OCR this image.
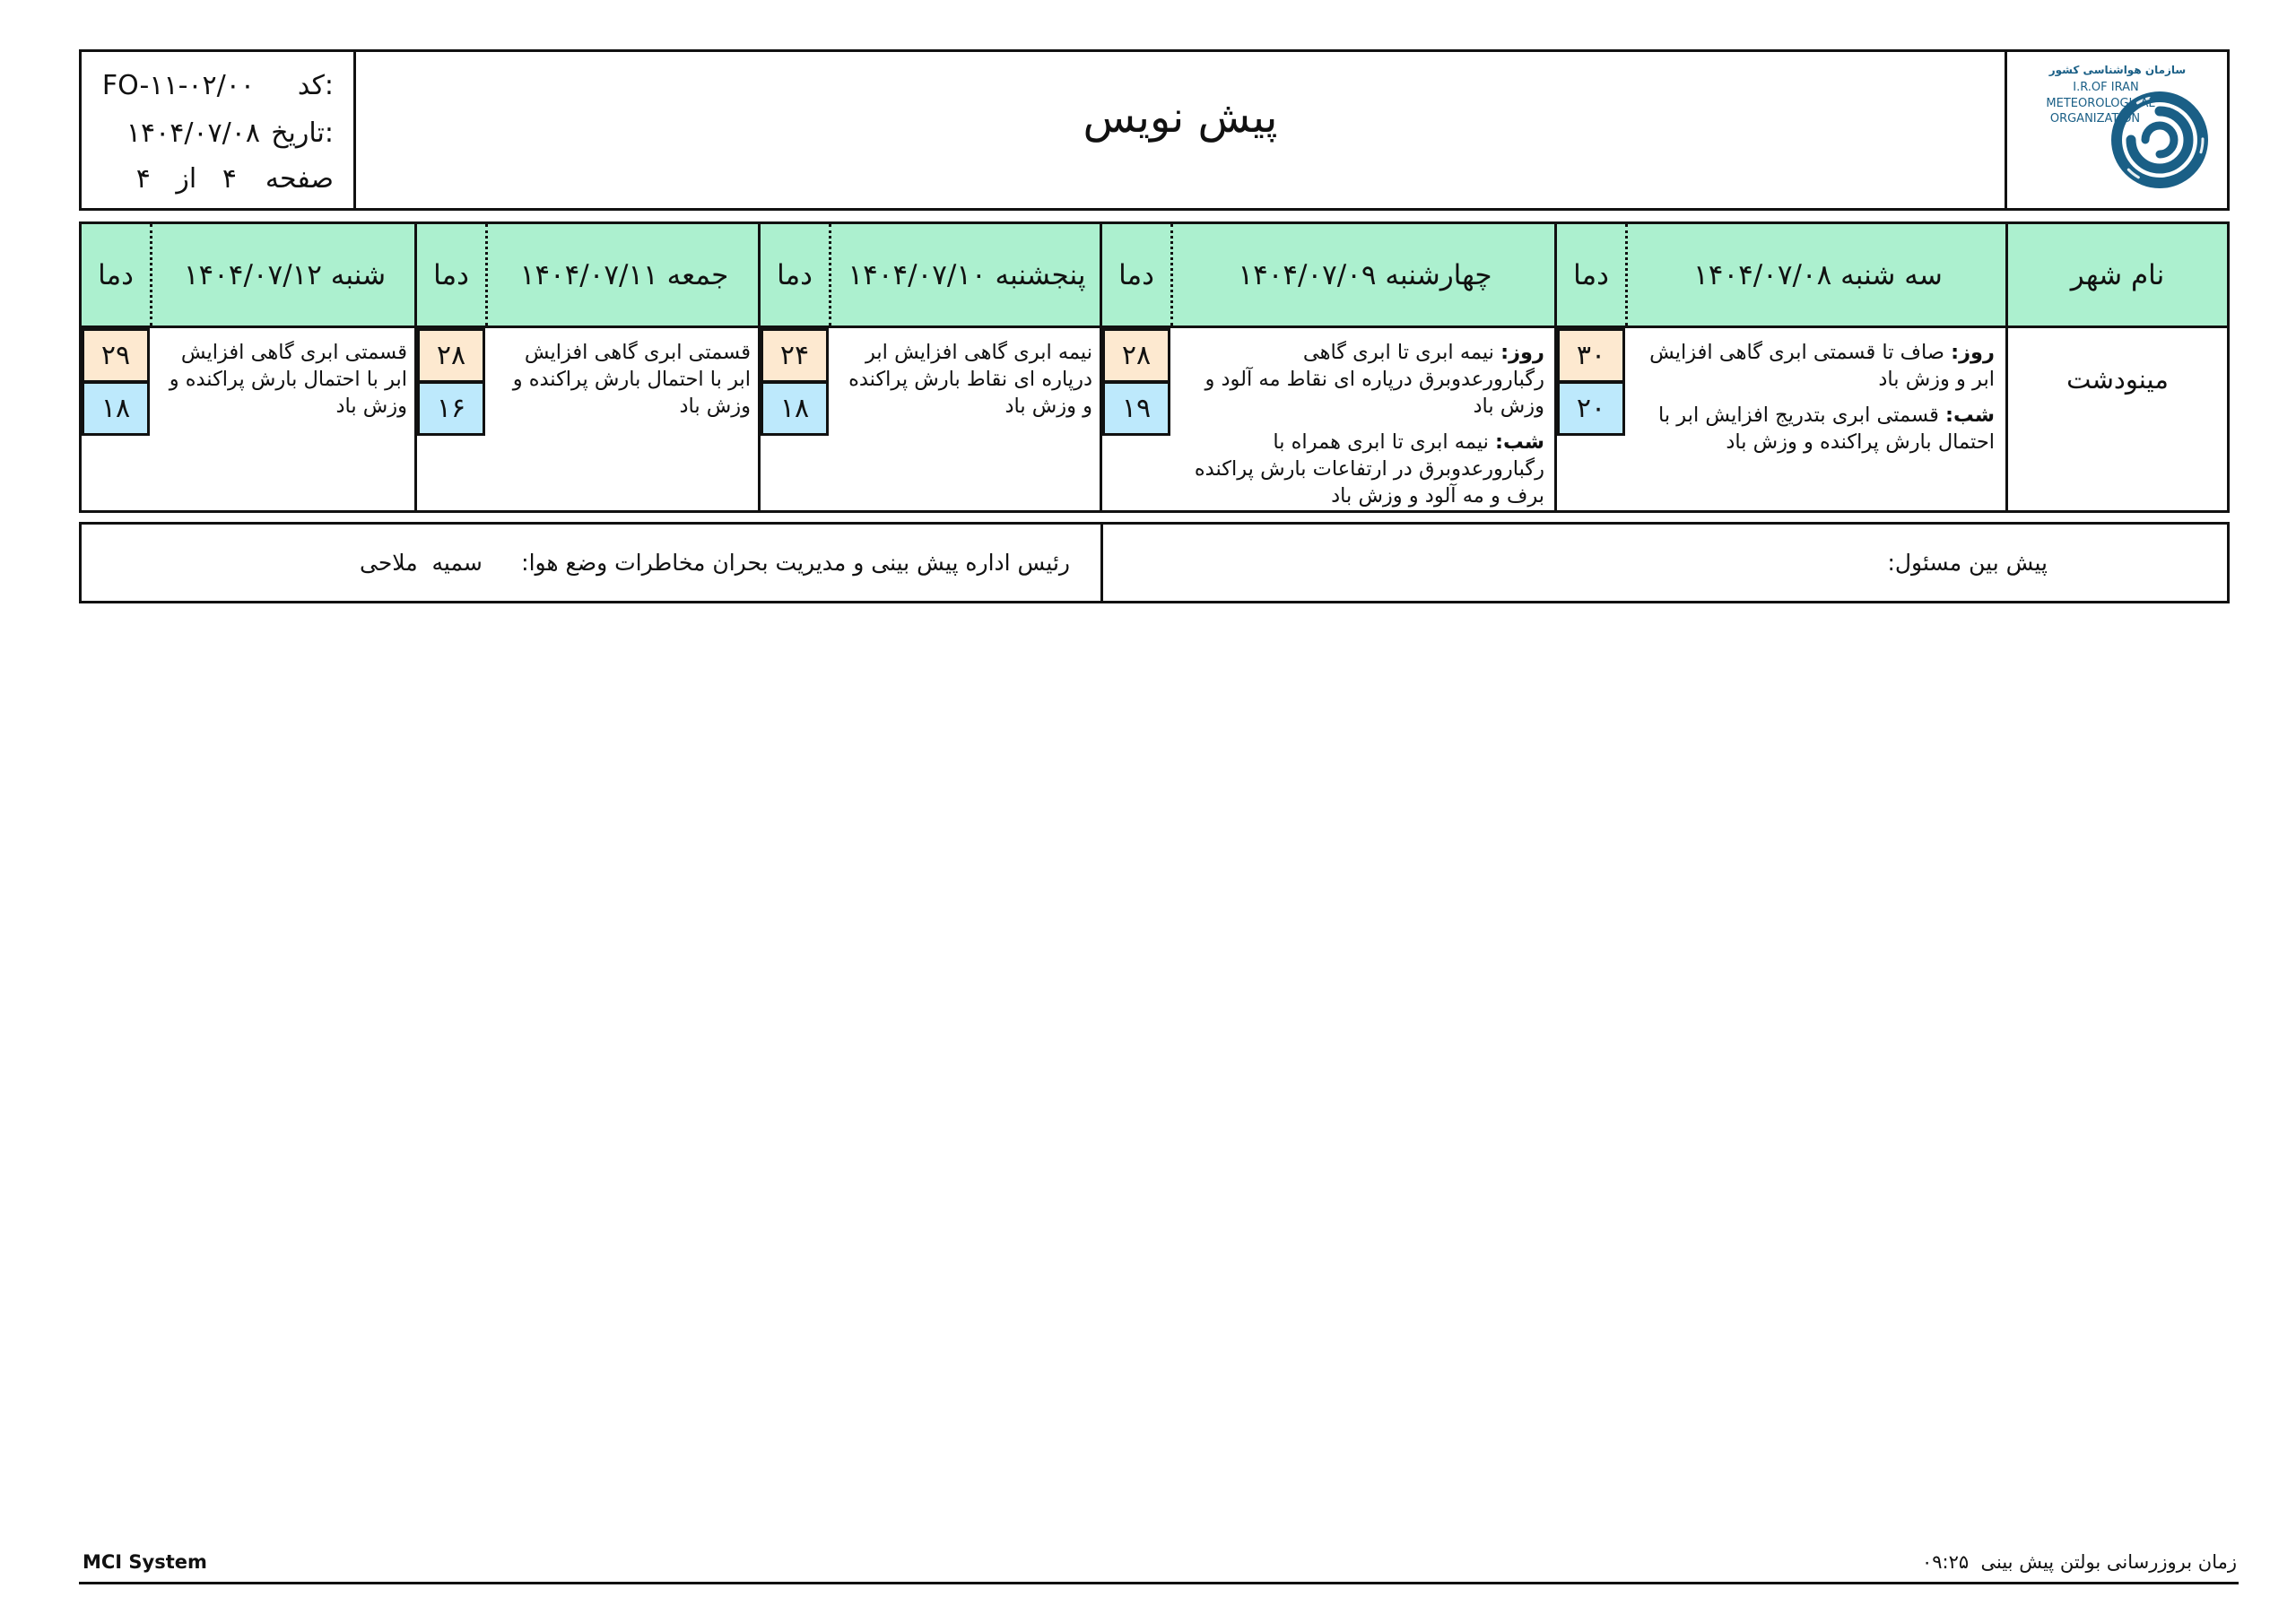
سازمان هواشناسی کشور
I.R.OF IRAN
METEOROLOGICAL
ORGANIZATION
پیش نویس
کد:
FO-۱۱-۰۲/۰۰
تاریخ:
۱۴۰۴/۰۷/۰۸
صفحه
۴   از   ۴
نام شهر
سه شنبه ۱۴۰۴/۰۷/۰۸
دما
چهارشنبه ۱۴۰۴/۰۷/۰۹
دما
پنجشنبه ۱۴۰۴/۰۷/۱۰
دما
جمعه ۱۴۰۴/۰۷/۱۱
دما
شنبه ۱۴۰۴/۰۷/۱۲
دما
مینودشت

روز: صاف تا قسمتی ابری گاهی افزایش ابر و وزش باد

شب: قسمتی ابری بتدریج افزایش ابر با احتمال بارش پراکنده و وزش باد

۳۰
۲۰

روز: نیمه ابری تا ابری گاهی رگبارورعدوبرق درپاره ای نقاط مه آلود و وزش باد

شب: نیمه ابری تا ابری همراه با رگبارورعدوبرق در ارتفاعات بارش پراکنده برف و مه آلود و وزش باد

۲۸
۱۹

نیمه ابری گاهی افزایش ابر درپاره ای نقاط بارش پراکنده و وزش باد

۲۴
۱۸

قسمتی ابری گاهی افزایش ابر با احتمال بارش پراکنده و وزش باد

۲۸
۱۶

قسمتی ابری گاهی افزایش ابر با احتمال بارش پراکنده و وزش باد

۲۹
۱۸
پیش بین مسئول:
رئیس اداره پیش بینی و مدیریت بحران مخاطرات وضع هوا:
سمیه  ملاحی
MCI System	زمان بروزرسانی بولتن پیش بینی  ۰۹:۲۵
